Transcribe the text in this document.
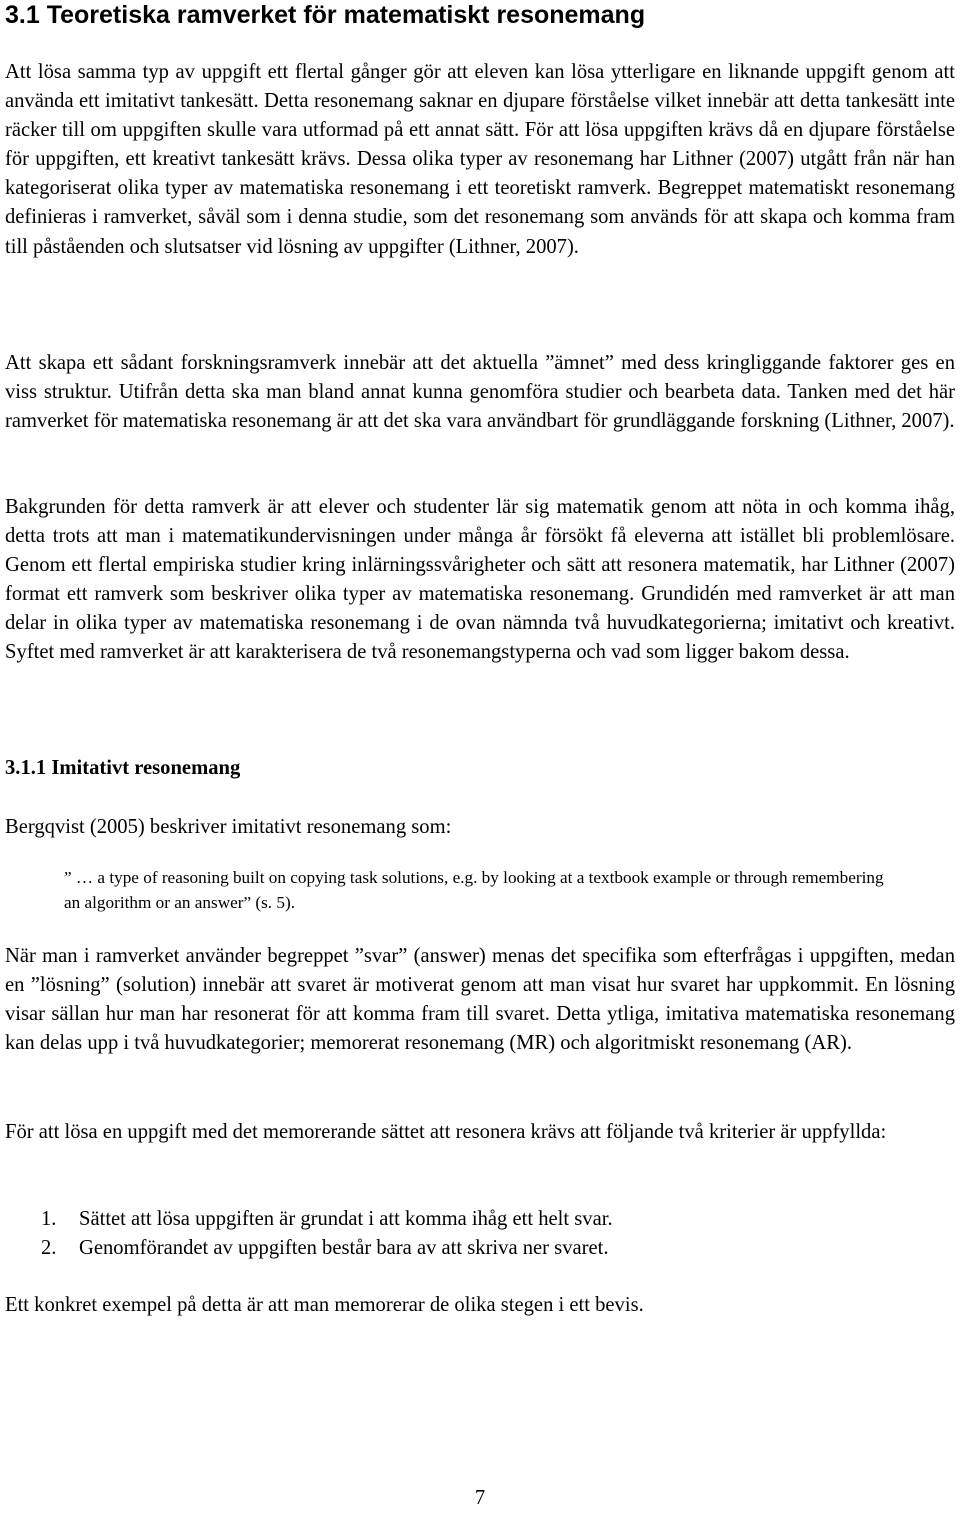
3.1 Teoretiska ramverket för matematiskt resonemang

Att lösa samma typ av uppgift ett flertal gånger gör att eleven kan lösa ytterligare en liknande uppgift genom att använda ett imitativt tankesätt. Detta resonemang saknar en djupare förståelse vilket innebär att detta tankesätt inte räcker till om uppgiften skulle vara utformad på ett annat sätt. För att lösa uppgiften krävs då en djupare förståelse för uppgiften, ett kreativt tankesätt krävs. Dessa olika typer av resonemang har Lithner (2007) utgått från när han kategoriserat olika typer av matematiska resonemang i ett teoretiskt ramverk. Begreppet matematiskt resonemang definieras i ramverket, såväl som i denna studie, som det resonemang som används för att skapa och komma fram till påståenden och slutsatser vid lösning av uppgifter (Lithner, 2007).

Att skapa ett sådant forskningsramverk innebär att det aktuella ”ämnet” med dess kringliggande faktorer ges en viss struktur. Utifrån detta ska man bland annat kunna genomföra studier och bearbeta data. Tanken med det här ramverket för matematiska resonemang är att det ska vara användbart för grundläggande forskning (Lithner, 2007).

Bakgrunden för detta ramverk är att elever och studenter lär sig matematik genom att nöta in och komma ihåg, detta trots att man i matematikundervisningen under många år försökt få eleverna att istället bli problemlösare. Genom ett flertal empiriska studier kring inlärningssvårigheter och sätt att resonera matematik, har Lithner (2007) format ett ramverk som beskriver olika typer av matematiska resonemang. Grundidén med ramverket är att man delar in olika typer av matematiska resonemang i de ovan nämnda två huvudkategorierna; imitativt och kreativt. Syftet med ramverket är att karakterisera de två resonemangstyperna och vad som ligger bakom dessa.

3.1.1 Imitativt resonemang

Bergqvist (2005) beskriver imitativt resonemang som:

” … a type of reasoning built on copying task solutions, e.g. by looking at a textbook example or through remembering an algorithm or an answer” (s. 5).

När man i ramverket använder begreppet ”svar” (answer) menas det specifika som efterfrågas i uppgiften, medan en ”lösning” (solution) innebär att svaret är motiverat genom att man visat hur svaret har uppkommit. En lösning visar sällan hur man har resonerat för att komma fram till svaret. Detta ytliga, imitativa matematiska resonemang kan delas upp i två huvudkategorier; memorerat resonemang (MR) och algoritmiskt resonemang (AR).

För att lösa en uppgift med det memorerande sättet att resonera krävs att följande två kriterier är uppfyllda:

1. Sättet att lösa uppgiften är grundat i att komma ihåg ett helt svar.
2. Genomförandet av uppgiften består bara av att skriva ner svaret.

Ett konkret exempel på detta är att man memorerar de olika stegen i ett bevis.

7
